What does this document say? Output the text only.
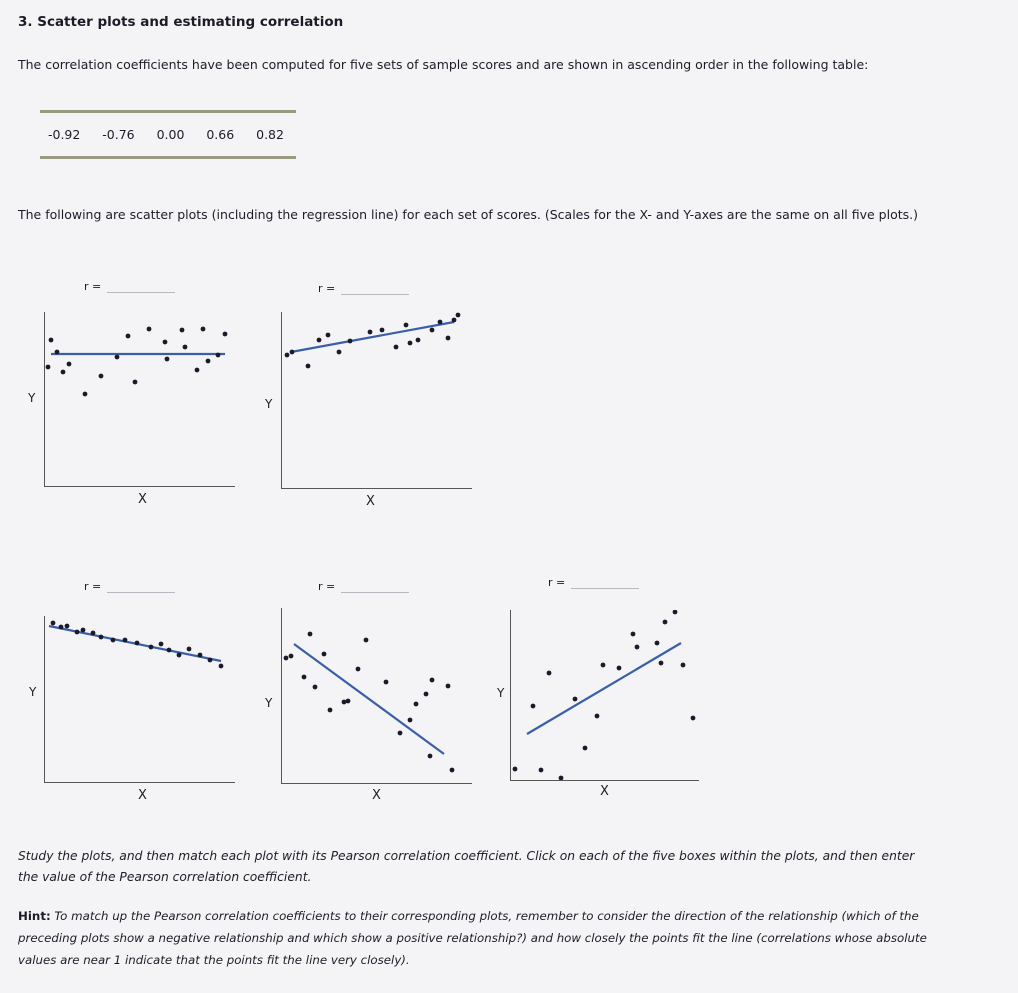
3. Scatter plots and estimating correlation
The correlation coefficients have been computed for five sets of sample scores and are shown in ascending order in the following table:
-0.92 -0.76 0.00 0.66 0.82
The following are scatter plots (including the regression line) for each set of scores. (Scales for the X- and Y-axes are the same on all five plots.)
r =
Y
X
r =
Y
X
r =
Y
X
r =
Y
X
r =
Y
X
Study the plots, and then match each plot with its Pearson correlation coefficient. Click on each of the five boxes within the plots, and then enter the value of the Pearson correlation coefficient.
Hint: To match up the Pearson correlation coefficients to their corresponding plots, remember to consider the direction of the relationship (which of the preceding plots show a negative relationship and which show a positive relationship?) and how closely the points fit the line (correlations whose absolute values are near 1 indicate that the points fit the line very closely).
